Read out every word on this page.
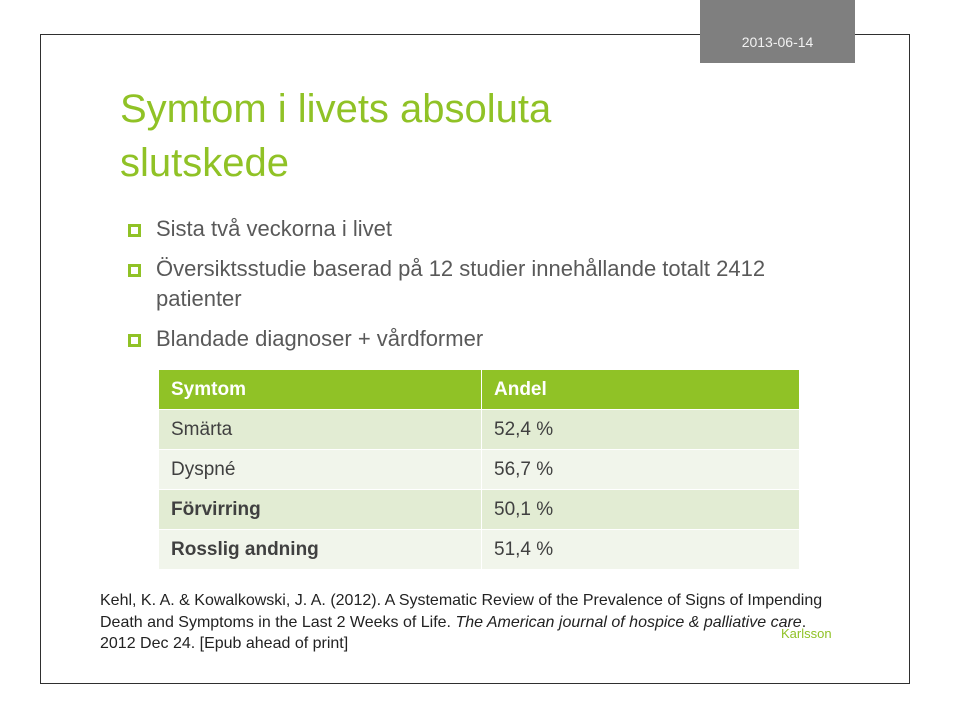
2013-06-14
Symtom i livets absoluta
slutskede
Sista två veckorna i livet
Översiktsstudie baserad på 12 studier innehållande totalt 2412 patienter
Blandade diagnoser + vårdformer
Symtom	Andel
Smärta	52,4 %
Dyspné	56,7 %
Förvirring	50,1 %
Rosslig andning	51,4 %
Kehl, K. A. & Kowalkowski, J. A. (2012). A Systematic Review of the Prevalence of Signs of Impending Death and Symptoms in the Last 2 Weeks of Life. The American journal of hospice & palliative care. 2012 Dec 24. [Epub ahead of print]
Karlsson
